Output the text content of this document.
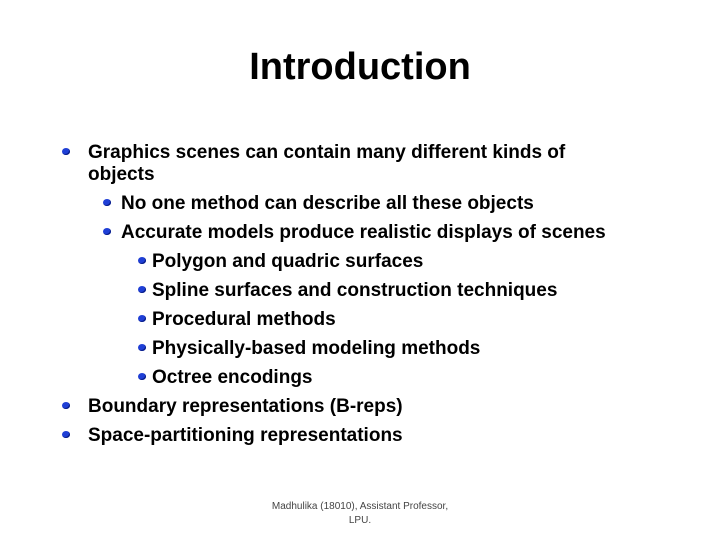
Introduction
Graphics scenes can contain many different kinds of
objects
No one method can describe all these objects
Accurate models produce realistic displays of scenes
Polygon and quadric surfaces
Spline surfaces and construction techniques
Procedural methods
Physically-based modeling methods
Octree encodings
Boundary representations (B-reps)
Space-partitioning representations
Madhulika (18010), Assistant Professor,
LPU.
